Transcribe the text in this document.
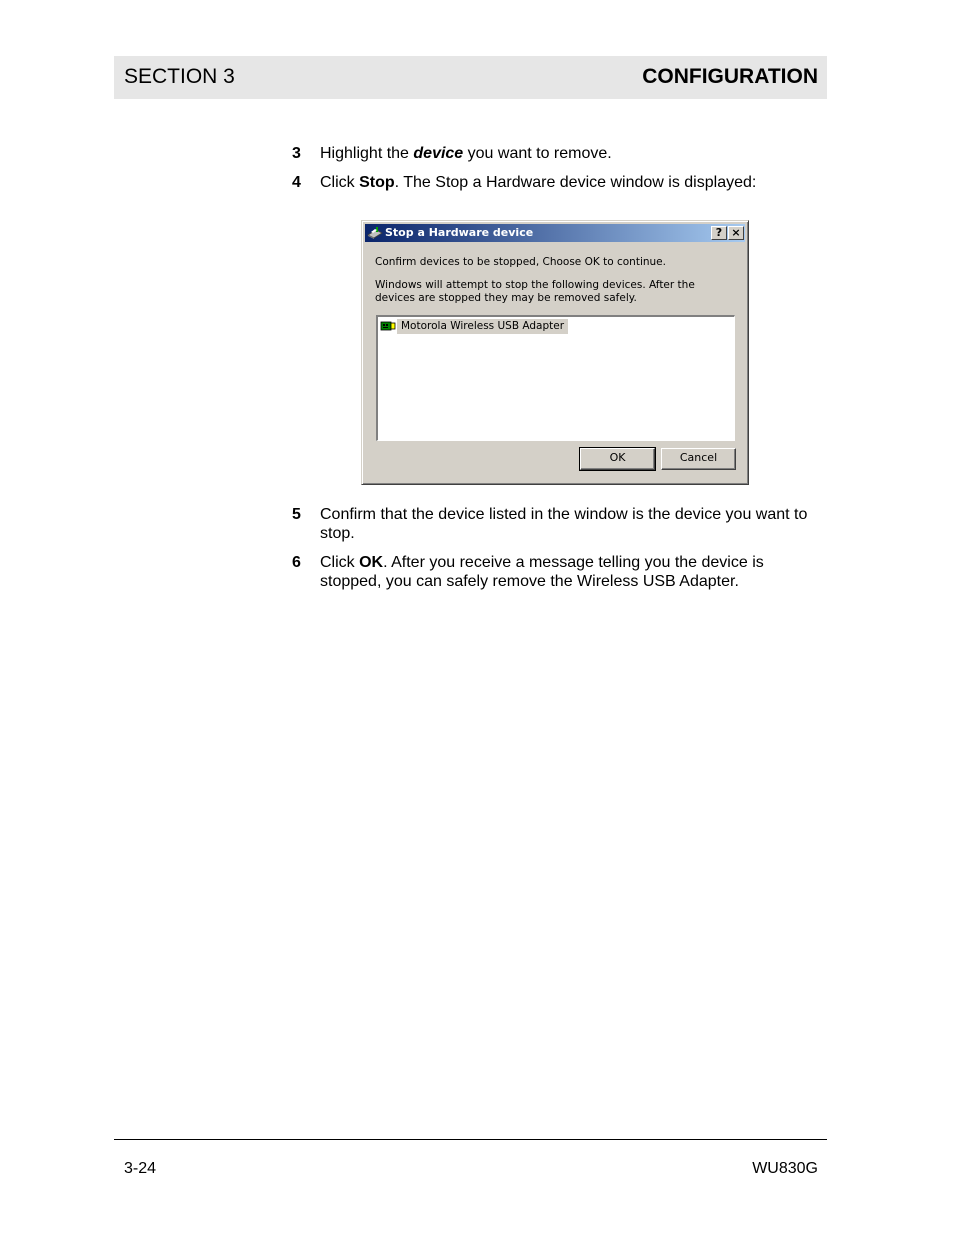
SECTION 3	CONFIGURATION
3 Highlight the device you want to remove.
4 Click Stop. The Stop a Hardware device window is displayed:
Stop a Hardware device	? ×
Confirm devices to be stopped, Choose OK to continue.
Windows will attempt to stop the following devices. After the devices are stopped they may be removed safely.
Motorola Wireless USB Adapter
OK	Cancel
5 Confirm that the device listed in the window is the device you want to stop.
6 Click OK. After you receive a message telling you the device is stopped, you can safely remove the Wireless USB Adapter.
3-24	WU830G
